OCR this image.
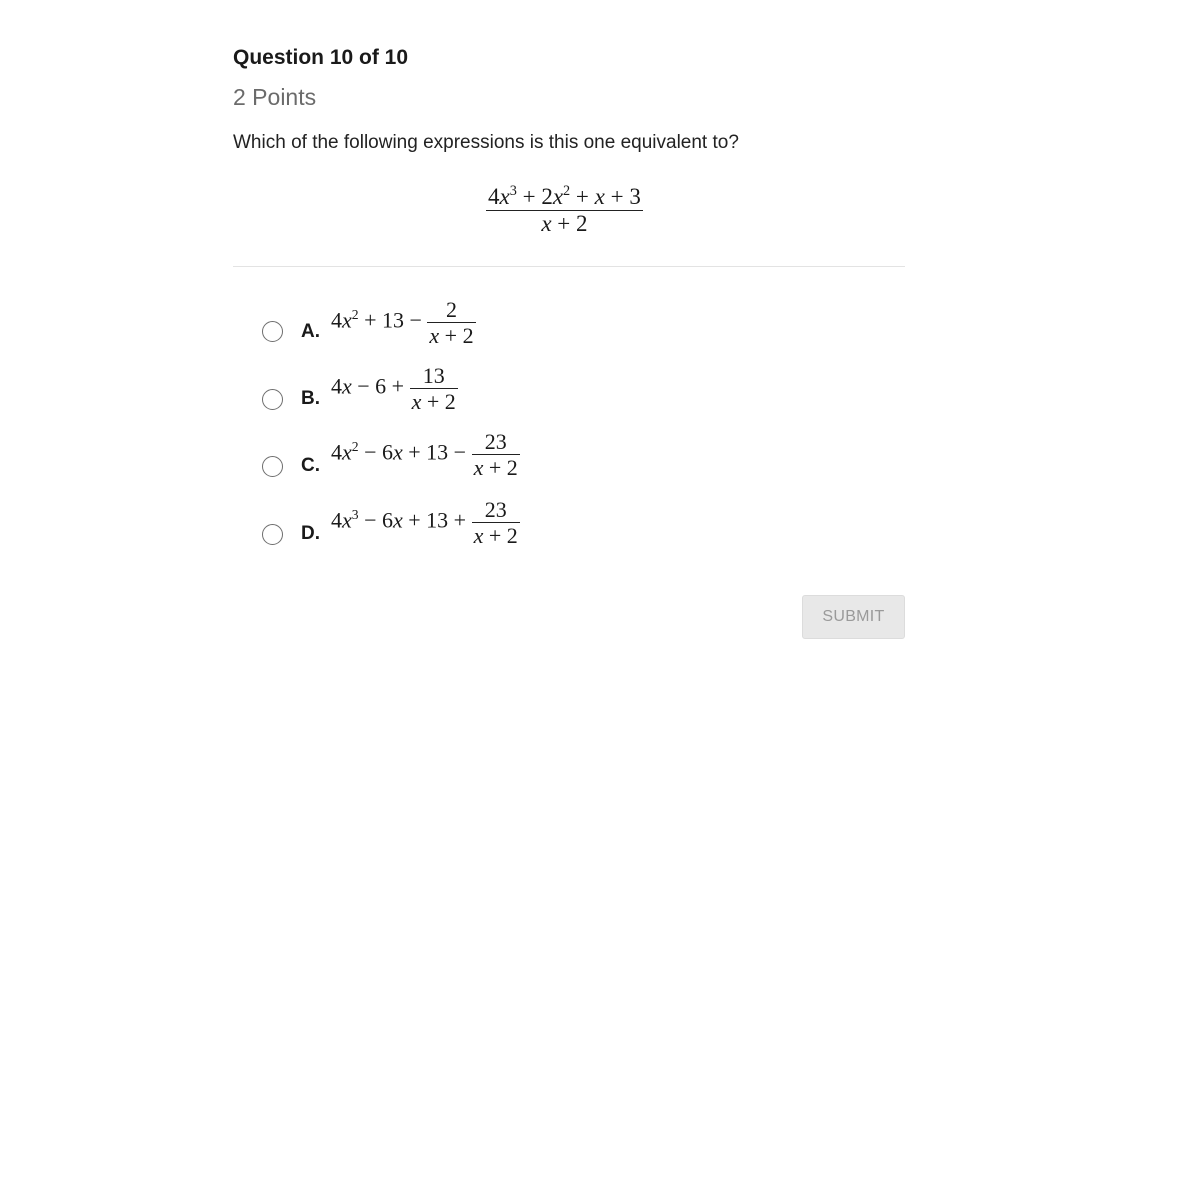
Question 10 of 10
2 Points
Which of the following expressions is this one equivalent to?
$\frac{4x^3 + 2x^2 + x + 3}{x + 2}$
A. $4x^2 + 13 - \frac{2}{x + 2}$
B. $4x - 6 + \frac{13}{x + 2}$
C.
$4x^2 - 6x + 13 - \frac{23}{x + 2}$
D.
$4x^3 - 6x + 13 + \frac{23}{x + 2}$
SUBMIT
